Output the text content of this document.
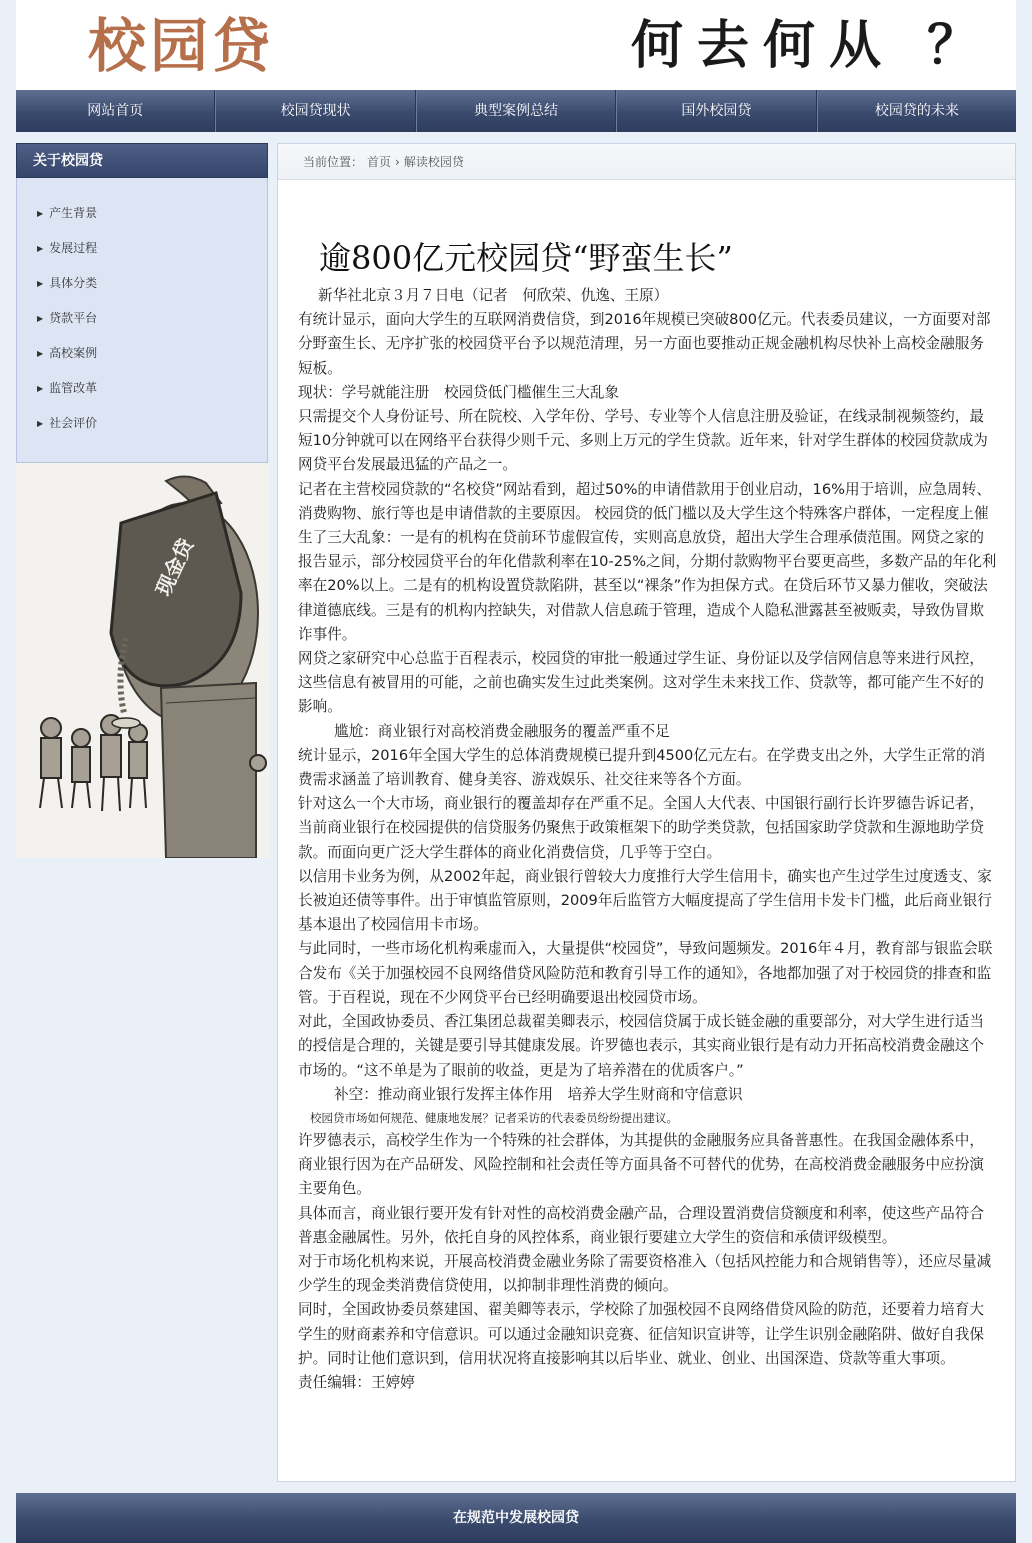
校园贷	何去何从 ？
网站首页	校园贷现状	典型案例总结	国外校园贷	校园贷的未来
关于校园贷
▶ 产生背景
▶ 发展过程
▶ 具体分类
▶ 贷款平台
▶ 高校案例
▶ 监管改革
▶ 社会评价
现金贷
当前位置： 首页 › 解读校园贷
逾800亿元校园贷“野蛮生长”

新华社北京３月７日电（记者　何欣荣、仇逸、王原）

有统计显示，面向大学生的互联网消费信贷，到2016年规模已突破800亿元。代表委员建议，一方面要对部分野蛮生长、无序扩张的校园贷平台予以规范清理，另一方面也要推动正规金融机构尽快补上高校金融服务短板。

现状：学号就能注册　校园贷低门槛催生三大乱象

只需提交个人身份证号、所在院校、入学年份、学号、专业等个人信息注册及验证，在线录制视频签约，最短10分钟就可以在网络平台获得少则千元、多则上万元的学生贷款。近年来，针对学生群体的校园贷款成为网贷平台发展最迅猛的产品之一。

记者在主营校园贷款的“名校贷”网站看到，超过50%的申请借款用于创业启动，16%用于培训，应急周转、消费购物、旅行等也是申请借款的主要原因。 校园贷的低门槛以及大学生这个特殊客户群体，一定程度上催生了三大乱象：一是有的机构在贷前环节虚假宣传，实则高息放贷，超出大学生合理承债范围。网贷之家的报告显示，部分校园贷平台的年化借款利率在10-25%之间，分期付款购物平台要更高些，多数产品的年化利率在20%以上。二是有的机构设置贷款陷阱，甚至以“裸条”作为担保方式。在贷后环节又暴力催收，突破法律道德底线。三是有的机构内控缺失，对借款人信息疏于管理，造成个人隐私泄露甚至被贩卖，导致伪冒欺诈事件。

网贷之家研究中心总监于百程表示，校园贷的审批一般通过学生证、身份证以及学信网信息等来进行风控，这些信息有被冒用的可能，之前也确实发生过此类案例。这对学生未来找工作、贷款等，都可能产生不好的影响。

尴尬：商业银行对高校消费金融服务的覆盖严重不足

统计显示，2016年全国大学生的总体消费规模已提升到4500亿元左右。在学费支出之外，大学生正常的消费需求涵盖了培训教育、健身美容、游戏娱乐、社交往来等各个方面。

针对这么一个大市场，商业银行的覆盖却存在严重不足。全国人大代表、中国银行副行长许罗德告诉记者，当前商业银行在校园提供的信贷服务仍聚焦于政策框架下的助学类贷款，包括国家助学贷款和生源地助学贷款。而面向更广泛大学生群体的商业化消费信贷，几乎等于空白。

以信用卡业务为例，从2002年起，商业银行曾较大力度推行大学生信用卡，确实也产生过学生过度透支、家长被迫还债等事件。出于审慎监管原则，2009年后监管方大幅度提高了学生信用卡发卡门槛，此后商业银行基本退出了校园信用卡市场。

与此同时，一些市场化机构乘虚而入，大量提供“校园贷”，导致问题频发。2016年４月，教育部与银监会联合发布《关于加强校园不良网络借贷风险防范和教育引导工作的通知》，各地都加强了对于校园贷的排查和监管。于百程说，现在不少网贷平台已经明确要退出校园贷市场。

对此，全国政协委员、香江集团总裁翟美卿表示，校园信贷属于成长链金融的重要部分，对大学生进行适当的授信是合理的，关键是要引导其健康发展。许罗德也表示，其实商业银行是有动力开拓高校消费金融这个市场的。“这不单是为了眼前的收益，更是为了培养潜在的优质客户。”

补空：推动商业银行发挥主体作用　培养大学生财商和守信意识

校园贷市场如何规范、健康地发展？记者采访的代表委员纷纷提出建议。

许罗德表示，高校学生作为一个特殊的社会群体，为其提供的金融服务应具备普惠性。在我国金融体系中，商业银行因为在产品研发、风险控制和社会责任等方面具备不可替代的优势，在高校消费金融服务中应扮演主要角色。

具体而言，商业银行要开发有针对性的高校消费金融产品，合理设置消费信贷额度和利率，使这些产品符合普惠金融属性。另外，依托自身的风控体系，商业银行要建立大学生的资信和承债评级模型。

对于市场化机构来说，开展高校消费金融业务除了需要资格准入（包括风控能力和合规销售等），还应尽量减少学生的现金类消费信贷使用，以抑制非理性消费的倾向。

同时，全国政协委员蔡建国、翟美卿等表示，学校除了加强校园不良网络借贷风险的防范，还要着力培育大学生的财商素养和守信意识。可以通过金融知识竞赛、征信知识宣讲等，让学生识别金融陷阱、做好自我保护。同时让他们意识到，信用状况将直接影响其以后毕业、就业、创业、出国深造、贷款等重大事项。

责任编辑：王婷婷

在规范中发展校园贷
